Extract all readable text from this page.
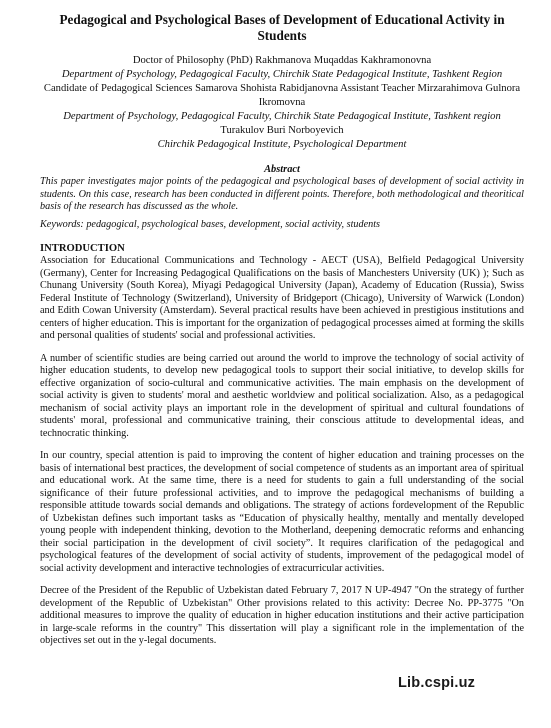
Pedagogical and Psychological Bases of Development of Educational Activity in Students

Doctor of Philosophy (PhD) Rakhmanova Muqaddas Kakhramonovna

Department of Psychology, Pedagogical Faculty, Chirchik State Pedagogical Institute, Tashkent Region

Candidate of Pedagogical Sciences Samarova Shohista Rabidjanovna Assistant Teacher Mirzarahimova Gulnora Ikromovna

Department of Psychology, Pedagogical Faculty, Chirchik State Pedagogical Institute, Tashkent region

Turakulov Buri Norboyevich

Chirchik Pedagogical Institute, Psychological Department

Abstract

This paper investigates major points of the pedagogical and psychological bases of development of social activity in students. On this case, research has been conducted in different points. Therefore, both methodological and theoritical basis of the research has discussed as the whole.

Keywords: pedagogical, psychological bases, development, social activity, students

INTRODUCTION

Association for Educational Communications and Technology - AECT (USA), Belfield Pedagogical University (Germany), Center for Increasing Pedagogical Qualifications on the basis of Manchesters University (UK) ); Such as Chunang University (South Korea), Miyagi Pedagogical University (Japan), Academy of Education (Russia), Swiss Federal Institute of Technology (Switzerland), University of Bridgeport (Chicago), University of Warwick (London) and Edith Cowan University (Amsterdam). Several practical results have been achieved in prestigious institutions and centers of higher education. This is important for the organization of pedagogical processes aimed at forming the skills and personal qualities of students' social and professional activities.

A number of scientific studies are being carried out around the world to improve the technology of social activity of higher education students, to develop new pedagogical tools to support their social initiative, to develop skills for effective organization of socio-cultural and communicative activities. The main emphasis on the development of social activity is given to students' moral and aesthetic worldview and political socialization. Also, as a pedagogical mechanism of social activity plays an important role in the development of spiritual and cultural foundations of students' moral, professional and communicative training, their conscious attitude to developmental ideas, and technocratic thinking.

In our country, special attention is paid to improving the content of higher education and training processes on the basis of international best practices, the development of social competence of students as an important area of spiritual and educational work. At the same time, there is a need for students to gain a full understanding of the social significance of their future professional activities, and to improve the pedagogical mechanisms of building a responsible attitude towards social demands and obligations. The strategy of actions fordevelopment of the Republic of Uzbekistan defines such important tasks as “Education of physically healthy, mentally and mentally developed young people with independent thinking, devotion to the Motherland, deepening democratic reforms and enhancing their social participation in the development of civil society”. It requires clarification of the pedagogical and psychological features of the development of social activity of students, improvement of the pedagogical model of social activity development and interactive technologies of extracurricular activities.

Decree of the President of the Republic of Uzbekistan dated February 7, 2017 N UP-4947 "On the strategy of further development of the Republic of Uzbekistan" Other provisions related to this activity: Decree No. PP-3775 "On additional measures to improve the quality of education in higher education institutions and their active participation in large-scale reforms in the country" This dissertation will play a significant role in the implementation of the objectives set out in the y-legal documents.

Lib.cspi.uz
